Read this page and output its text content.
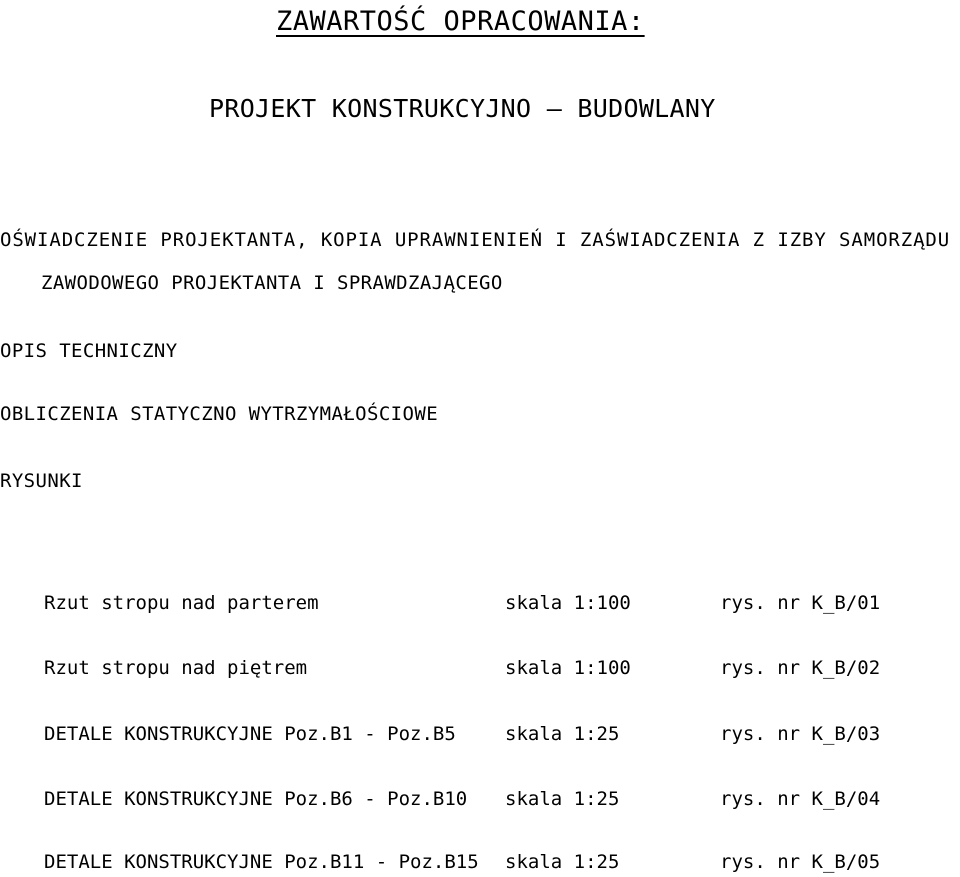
ZAWARTOŚĆ OPRACOWANIA:
PROJEKT KONSTRUKCYJNO – BUDOWLANY
OŚWIADCZENIE PROJEKTANTA, KOPIA UPRAWNIENIEŃ I ZAŚWIADCZENIA Z IZBY SAMORZĄDU
ZAWODOWEGO PROJEKTANTA I SPRAWDZAJĄCEGO
OPIS TECHNICZNY
OBLICZENIA STATYCZNO WYTRZYMAŁOŚCIOWE
RYSUNKI
Rzut stropu nad parterem	skala 1:100	rys. nr K_B/01
Rzut stropu nad piętrem	skala 1:100	rys. nr K_B/02
DETALE KONSTRUKCYJNE Poz.B1 - Poz.B5	skala 1:25	rys. nr K_B/03
DETALE KONSTRUKCYJNE Poz.B6 - Poz.B10 skala 1:25	rys. nr K_B/04
DETALE KONSTRUKCYJNE Poz.B11 - Poz.B15 skala 1:25	rys. nr K_B/05
